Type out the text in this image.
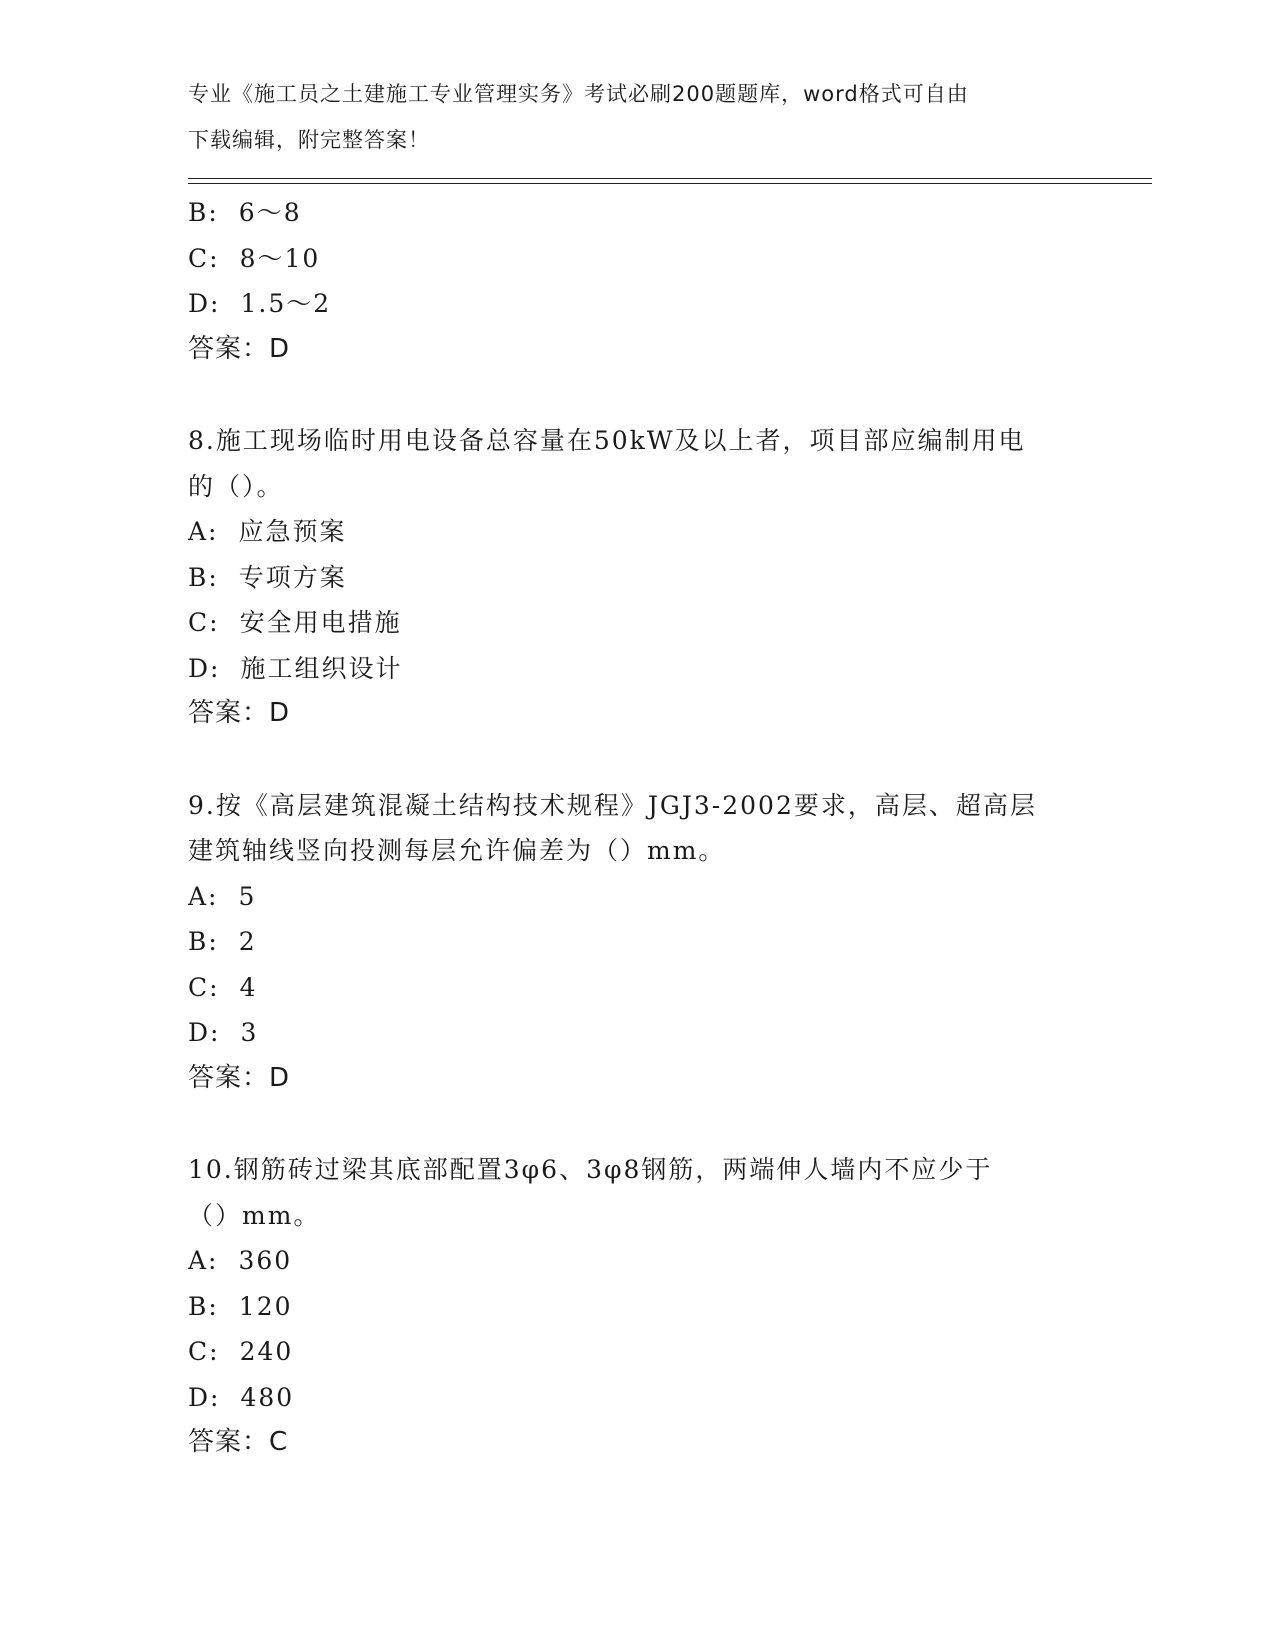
专业《施工员之土建施工专业管理实务》考试必刷200题题库，word格式可自由
下载编辑，附完整答案！
B: 6～8
C: 8～10
D: 1.5～2
答案：D
8.施工现场临时用电设备总容量在50kW及以上者，项目部应编制用电
的（）。
A: 应急预案
B: 专项方案
C: 安全用电措施
D: 施工组织设计
答案：D
9.按《高层建筑混凝土结构技术规程》JGJ3-2002要求，高层、超高层
建筑轴线竖向投测每层允许偏差为（）mm。
A: 5
B: 2
C: 4
D: 3
答案：D
10.钢筋砖过梁其底部配置3φ6、3φ8钢筋，两端伸人墙内不应少于
（）mm。
A: 360
B: 120
C: 240
D: 480
答案：C
